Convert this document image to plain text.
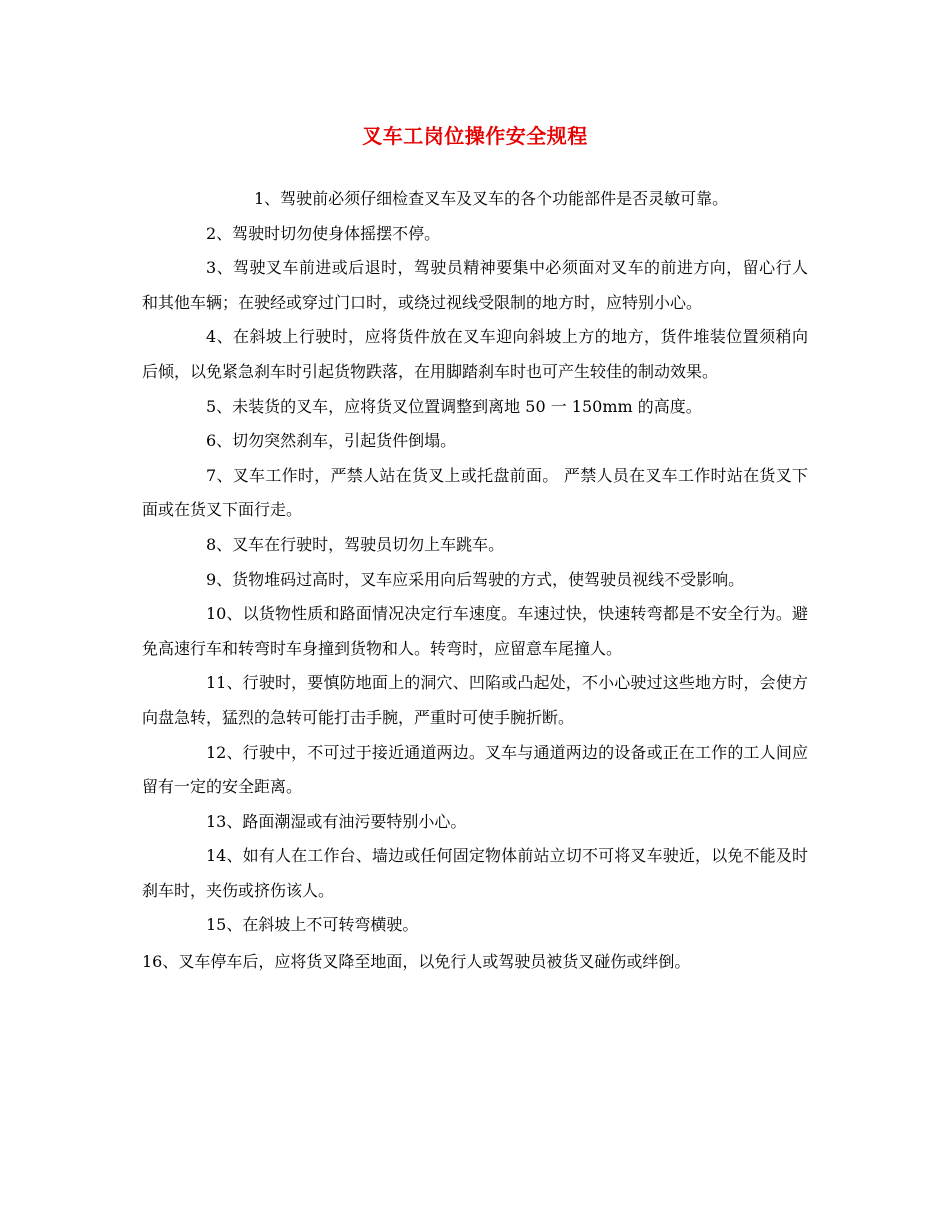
叉车工岗位操作安全规程

1、驾驶前必须仔细检查叉车及叉车的各个功能部件是否灵敏可靠。

2、驾驶时切勿使身体摇摆不停。

3、驾驶叉车前进或后退时，驾驶员精神要集中必须面对叉车的前进方向，留心行人和其他车辆；在驶经或穿过门口时，或绕过视线受限制的地方时，应特别小心。

4、在斜坡上行驶时，应将货件放在叉车迎向斜坡上方的地方，货件堆装位置须稍向后倾，以免紧急刹车时引起货物跌落，在用脚踏刹车时也可产生较佳的制动效果。

5、未装货的叉车，应将货叉位置调整到离地 50 一 150mm 的高度。

6、切勿突然刹车，引起货件倒塌。

7、叉车工作时，严禁人站在货叉上或托盘前面。 严禁人员在叉车工作时站在货叉下面或在货叉下面行走。

8、叉车在行驶时，驾驶员切勿上车跳车。

9、货物堆码过高时，叉车应采用向后驾驶的方式，使驾驶员视线不受影响。

10、以货物性质和路面情况决定行车速度。车速过快，快速转弯都是不安全行为。避免高速行车和转弯时车身撞到货物和人。转弯时，应留意车尾撞人。

11、行驶时，要慎防地面上的洞穴、凹陷或凸起处，不小心驶过这些地方时，会使方向盘急转，猛烈的急转可能打击手腕，严重时可使手腕折断。

12、行驶中，不可过于接近通道两边。叉车与通道两边的设备或正在工作的工人间应留有一定的安全距离。

13、路面潮湿或有油污要特别小心。

14、如有人在工作台、墙边或任何固定物体前站立切不可将叉车驶近，以免不能及时刹车时，夹伤或挤伤该人。

15、在斜坡上不可转弯横驶。

16、叉车停车后，应将货叉降至地面，以免行人或驾驶员被货叉碰伤或绊倒。
